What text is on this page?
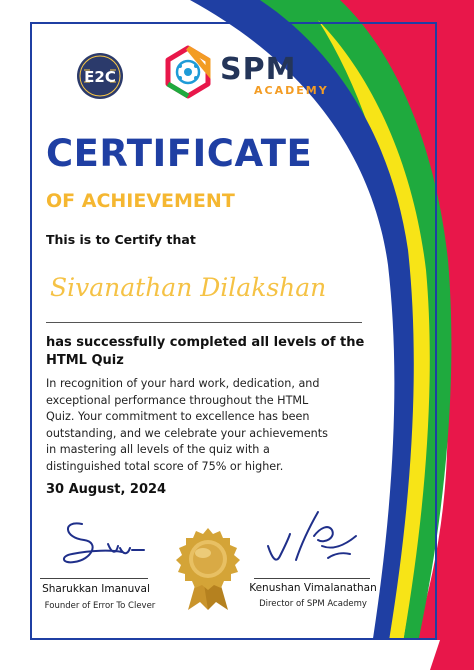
E2C	SPM
ACADEMY
CERTIFICATE
OF ACHIEVEMENT
This is to Certify that
Sivanathan Dilakshan
has successfully completed all levels of the HTML Quiz
In recognition of your hard work, dedication, and exceptional performance throughout the HTML Quiz. Your commitment to excellence has been outstanding, and we celebrate your achievements in mastering all levels of the quiz with a distinguished total score of 75% or higher.
30 August, 2024
Sharukkan Imanuval
Founder of Error To Clever
Kenushan Vimalanathan
Director of SPM Academy
